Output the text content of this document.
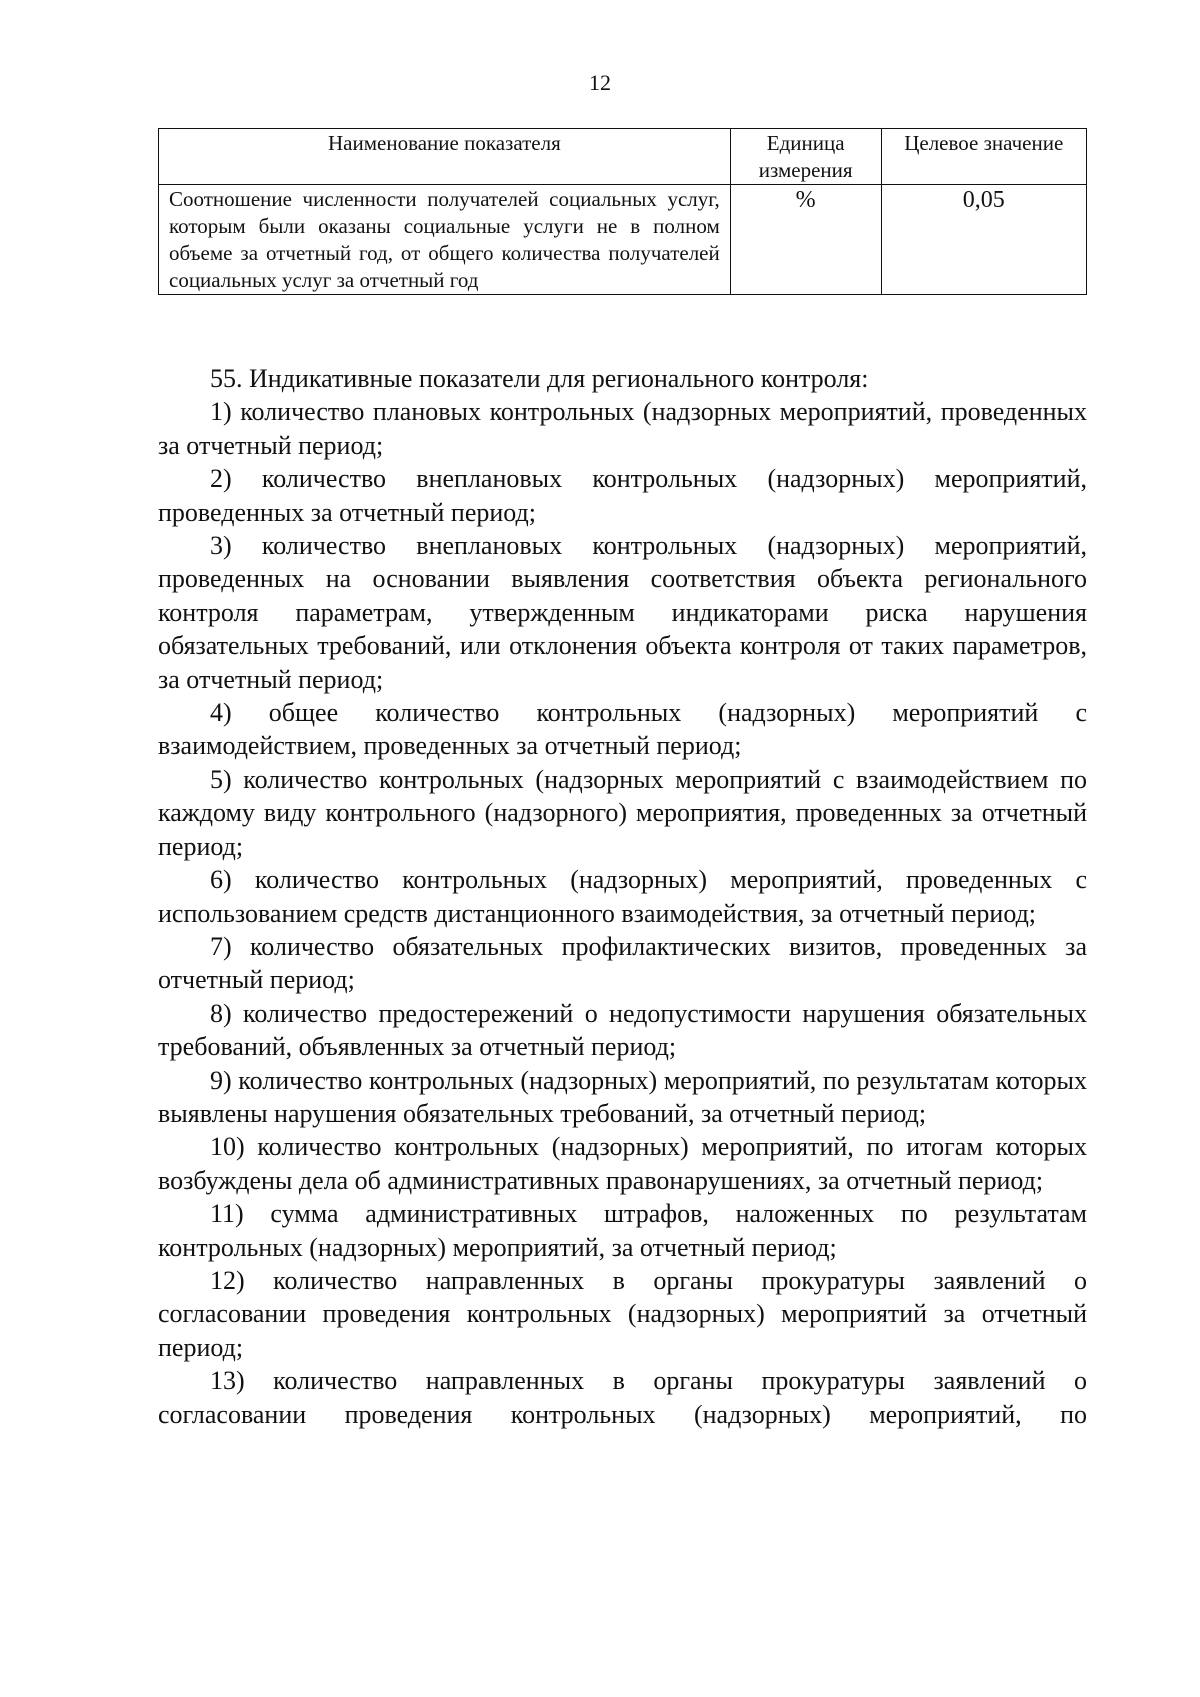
12
Наименование показателя	Единица измерения	Целевое значение
Соотношение численности получателей социальных услуг, которым были оказаны социальные услуги не в полном объеме за отчетный год, от общего количества получателей социальных услуг за отчетный год	%	0,05

55. Индикативные показатели для регионального контроля:

1) количество плановых контрольных (надзорных мероприятий, проведенных за отчетный период;

2) количество внеплановых контрольных (надзорных) мероприятий, проведенных за отчетный период;

3) количество внеплановых контрольных (надзорных) мероприятий, проведенных на основании выявления соответствия объекта регионального контроля параметрам, утвержденным индикаторами риска нарушения обязательных требований, или отклонения объекта контроля от таких параметров, за отчетный период;

4) общее количество контрольных (надзорных) мероприятий с взаимодействием, проведенных за отчетный период;

5) количество контрольных (надзорных мероприятий с взаимодействием по каждому виду контрольного (надзорного) мероприятия, проведенных за отчетный период;

6) количество контрольных (надзорных) мероприятий, проведенных с использованием средств дистанционного взаимодействия, за отчетный период;

7) количество обязательных профилактических визитов, проведенных за отчетный период;

8) количество предостережений о недопустимости нарушения обязательных требований, объявленных за отчетный период;

9) количество контрольных (надзорных) мероприятий, по результатам которых выявлены нарушения обязательных требований, за отчетный период;

10) количество контрольных (надзорных) мероприятий, по итогам которых возбуждены дела об административных правонарушениях, за отчетный период;

11) сумма административных штрафов, наложенных по результатам контрольных (надзорных) мероприятий, за отчетный период;

12) количество направленных в органы прокуратуры заявлений о согласовании проведения контрольных (надзорных) мероприятий за отчетный период;

13) количество направленных в органы прокуратуры заявлений о согласовании проведения контрольных (надзорных) мероприятий, по
